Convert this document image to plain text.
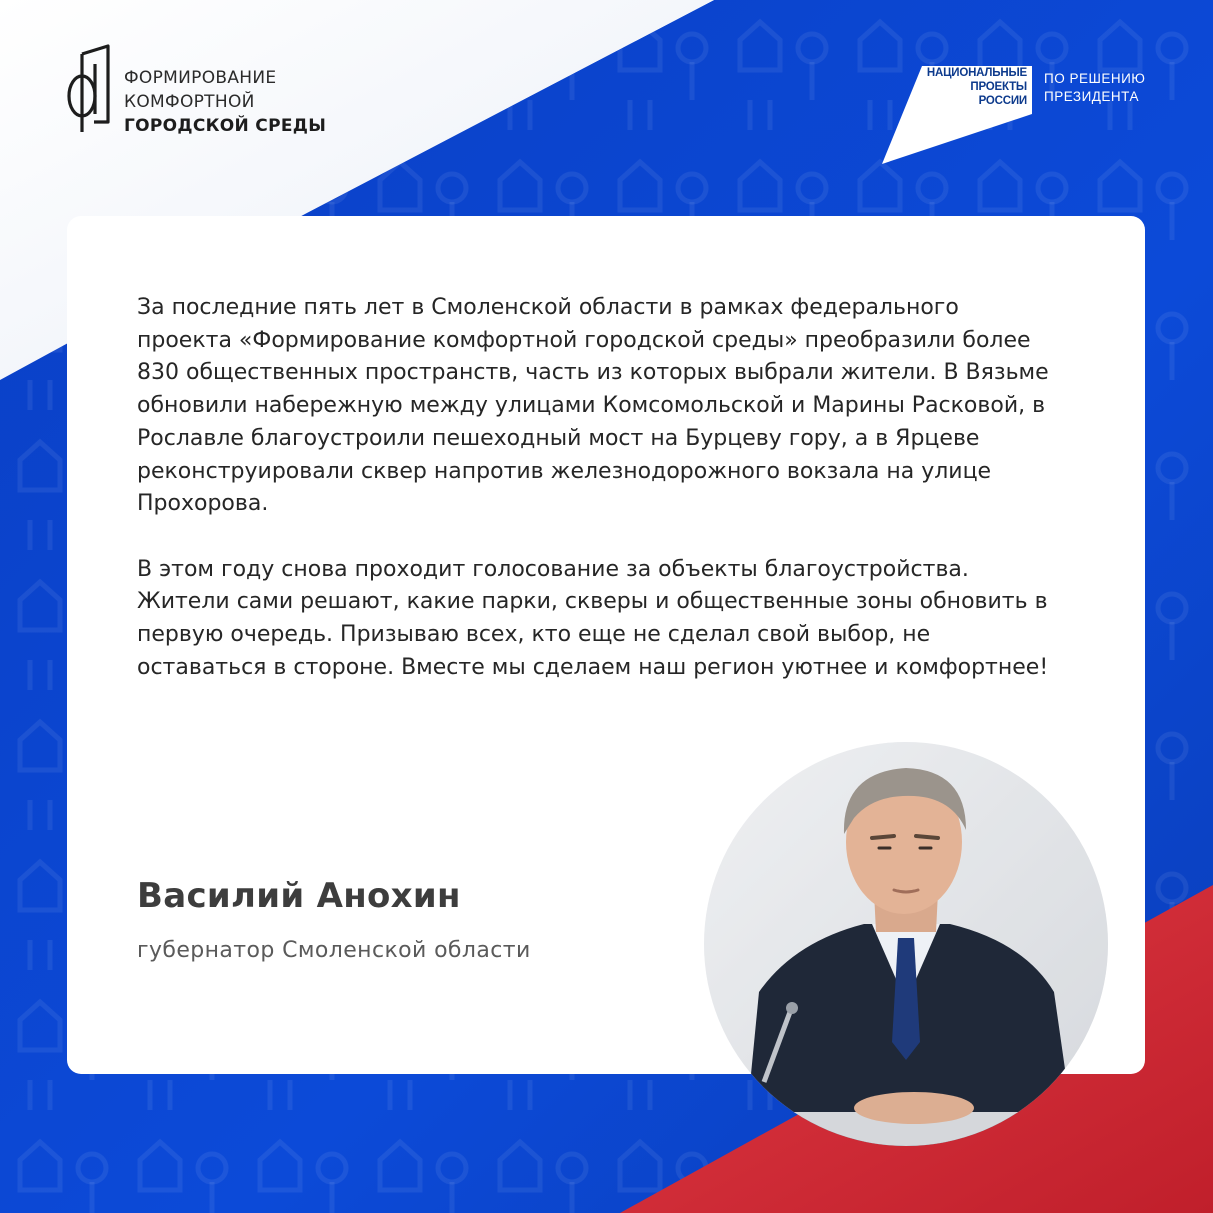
ФОРМИРОВАНИЕ
КОМФОРТНОЙ
ГОРОДСКОЙ СРЕДЫ
НАЦИОНАЛЬНЫЕ
ПРОЕКТЫ
РОССИИ
ПО РЕШЕНИЮ
ПРЕЗИДЕНТА

За последние пять лет в Смоленской области в рамках федерального проекта «Формирование комфортной городской среды» преобразили более 830 общественных пространств, часть из которых выбрали жители. В Вязьме обновили набережную между улицами Комсомольской и Марины Расковой, в Рославле благоустроили пешеходный мост на Бурцеву гору, а в Ярцеве реконструировали сквер напротив железнодорожного вокзала на улице Прохорова.

В этом году снова проходит голосование за объекты благоустройства. Жители сами решают, какие парки, скверы и общественные зоны обновить в первую очередь. Призываю всех, кто еще не сделал свой выбор, не оставаться в стороне. Вместе мы сделаем наш регион уютнее и комфортнее!

Василий Анохин
губернатор Смоленской области
